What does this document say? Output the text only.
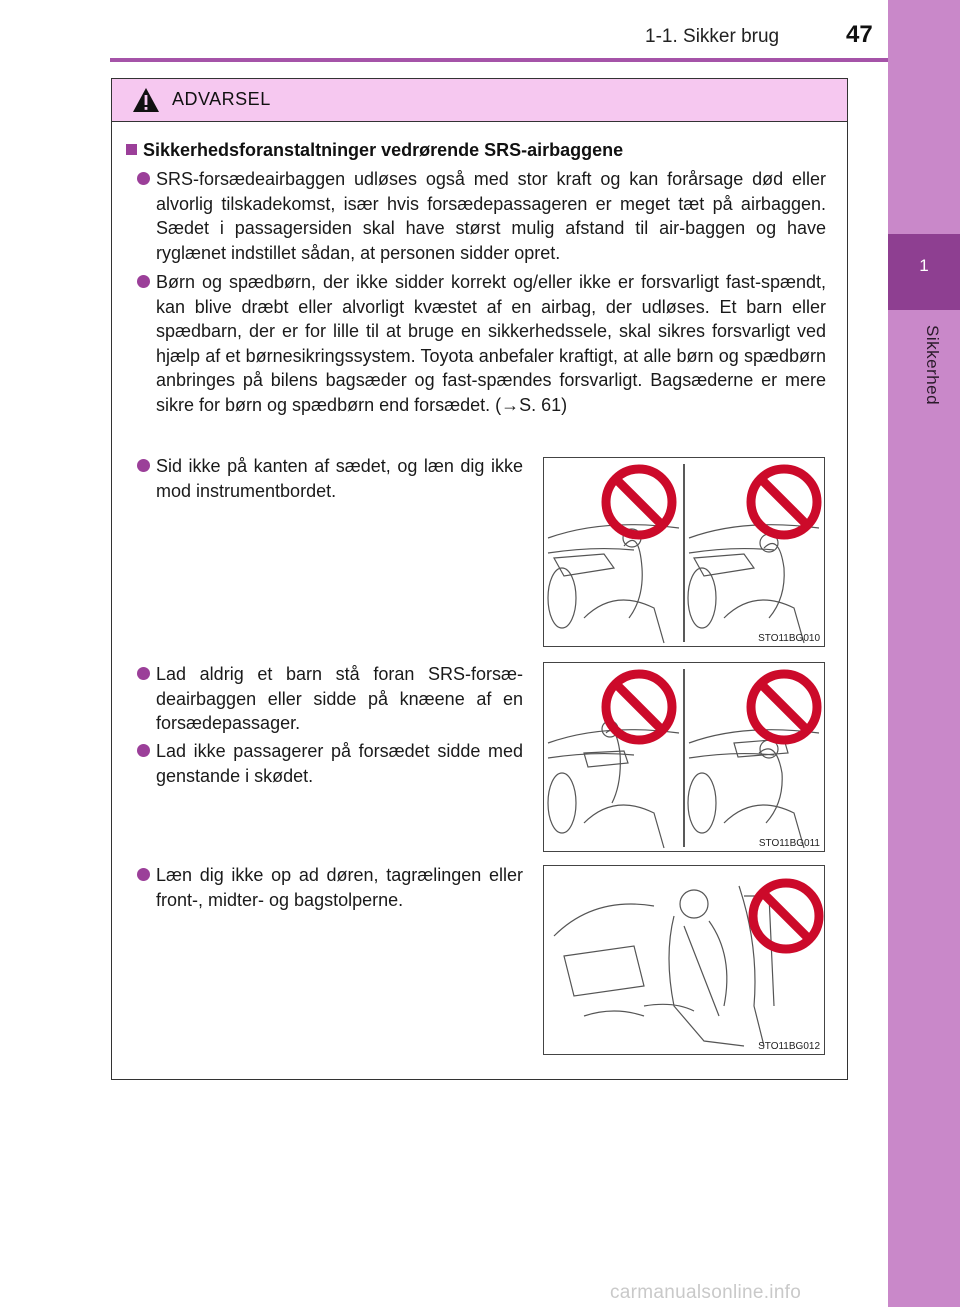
1
Sikkerhed
1-1. Sikker brug	47
ADVARSEL
Sikkerhedsforanstaltninger vedrørende SRS-airbaggene
SRS-forsædeairbaggen udløses også med stor kraft og kan forårsage død eller alvorlig tilskadekomst, især hvis forsædepassageren er meget tæt på airbaggen. Sædet i passagersiden skal have størst mulig afstand til air-baggen og have ryglænet indstillet sådan, at personen sidder opret.
Børn og spædbørn, der ikke sidder korrekt og/eller ikke er forsvarligt fast-spændt, kan blive dræbt eller alvorligt kvæstet af en airbag, der udløses. Et barn eller spædbarn, der er for lille til at bruge en sikkerhedssele, skal sikres forsvarligt ved hjælp af et børnesikringssystem. Toyota anbefaler kraftigt, at alle børn og spædbørn anbringes på bilens bagsæder og fast-spændes forsvarligt. Bagsæderne er mere sikre for børn og spædbørn end forsædet. (→S. 61)
Sid ikke på kanten af sædet, og læn dig ikke mod instrumentbordet.
Lad aldrig et barn stå foran SRS-forsæ-deairbaggen eller sidde på knæene af en forsædepassager.
Lad ikke passagerer på forsædet sidde med genstande i skødet.
Læn dig ikke op ad døren, tagrælingen eller front-, midter- og bagstolperne.
STO11BG010
STO11BG011
STO11BG012
carmanualsonline.info
